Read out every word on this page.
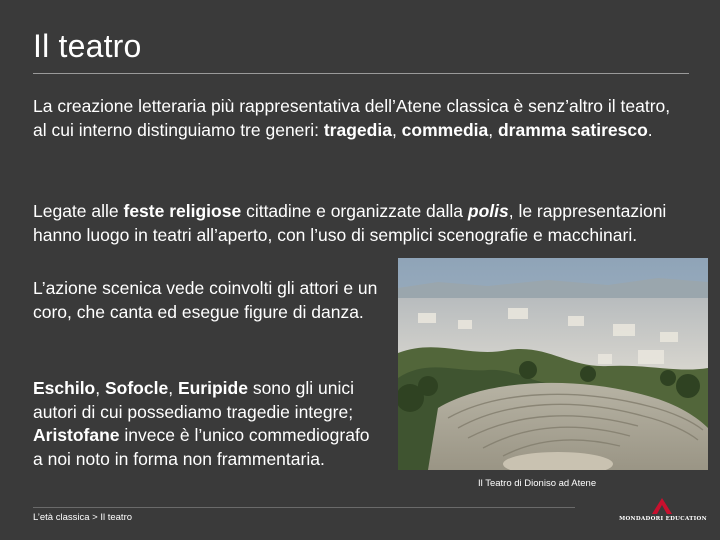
Il teatro
La creazione letteraria più rappresentativa dell’Atene classica è senz’altro il teatro, al cui interno distinguiamo tre generi: tragedia, commedia, dramma satiresco.
Legate alle feste religiose cittadine e organizzate dalla polis, le rappresentazioni hanno luogo in teatri all’aperto, con l’uso di semplici scenografie e macchinari.
L’azione scenica vede coinvolti gli attori e un coro, che canta ed esegue figure di danza.
Eschilo, Sofocle, Euripide sono gli unici autori di cui possediamo tragedie integre; Aristofane invece è l’unico commediografo a noi noto in forma non frammentaria.
Il Teatro di Dioniso ad Atene
L’età classica > Il teatro	MONDADORI EDUCATION
